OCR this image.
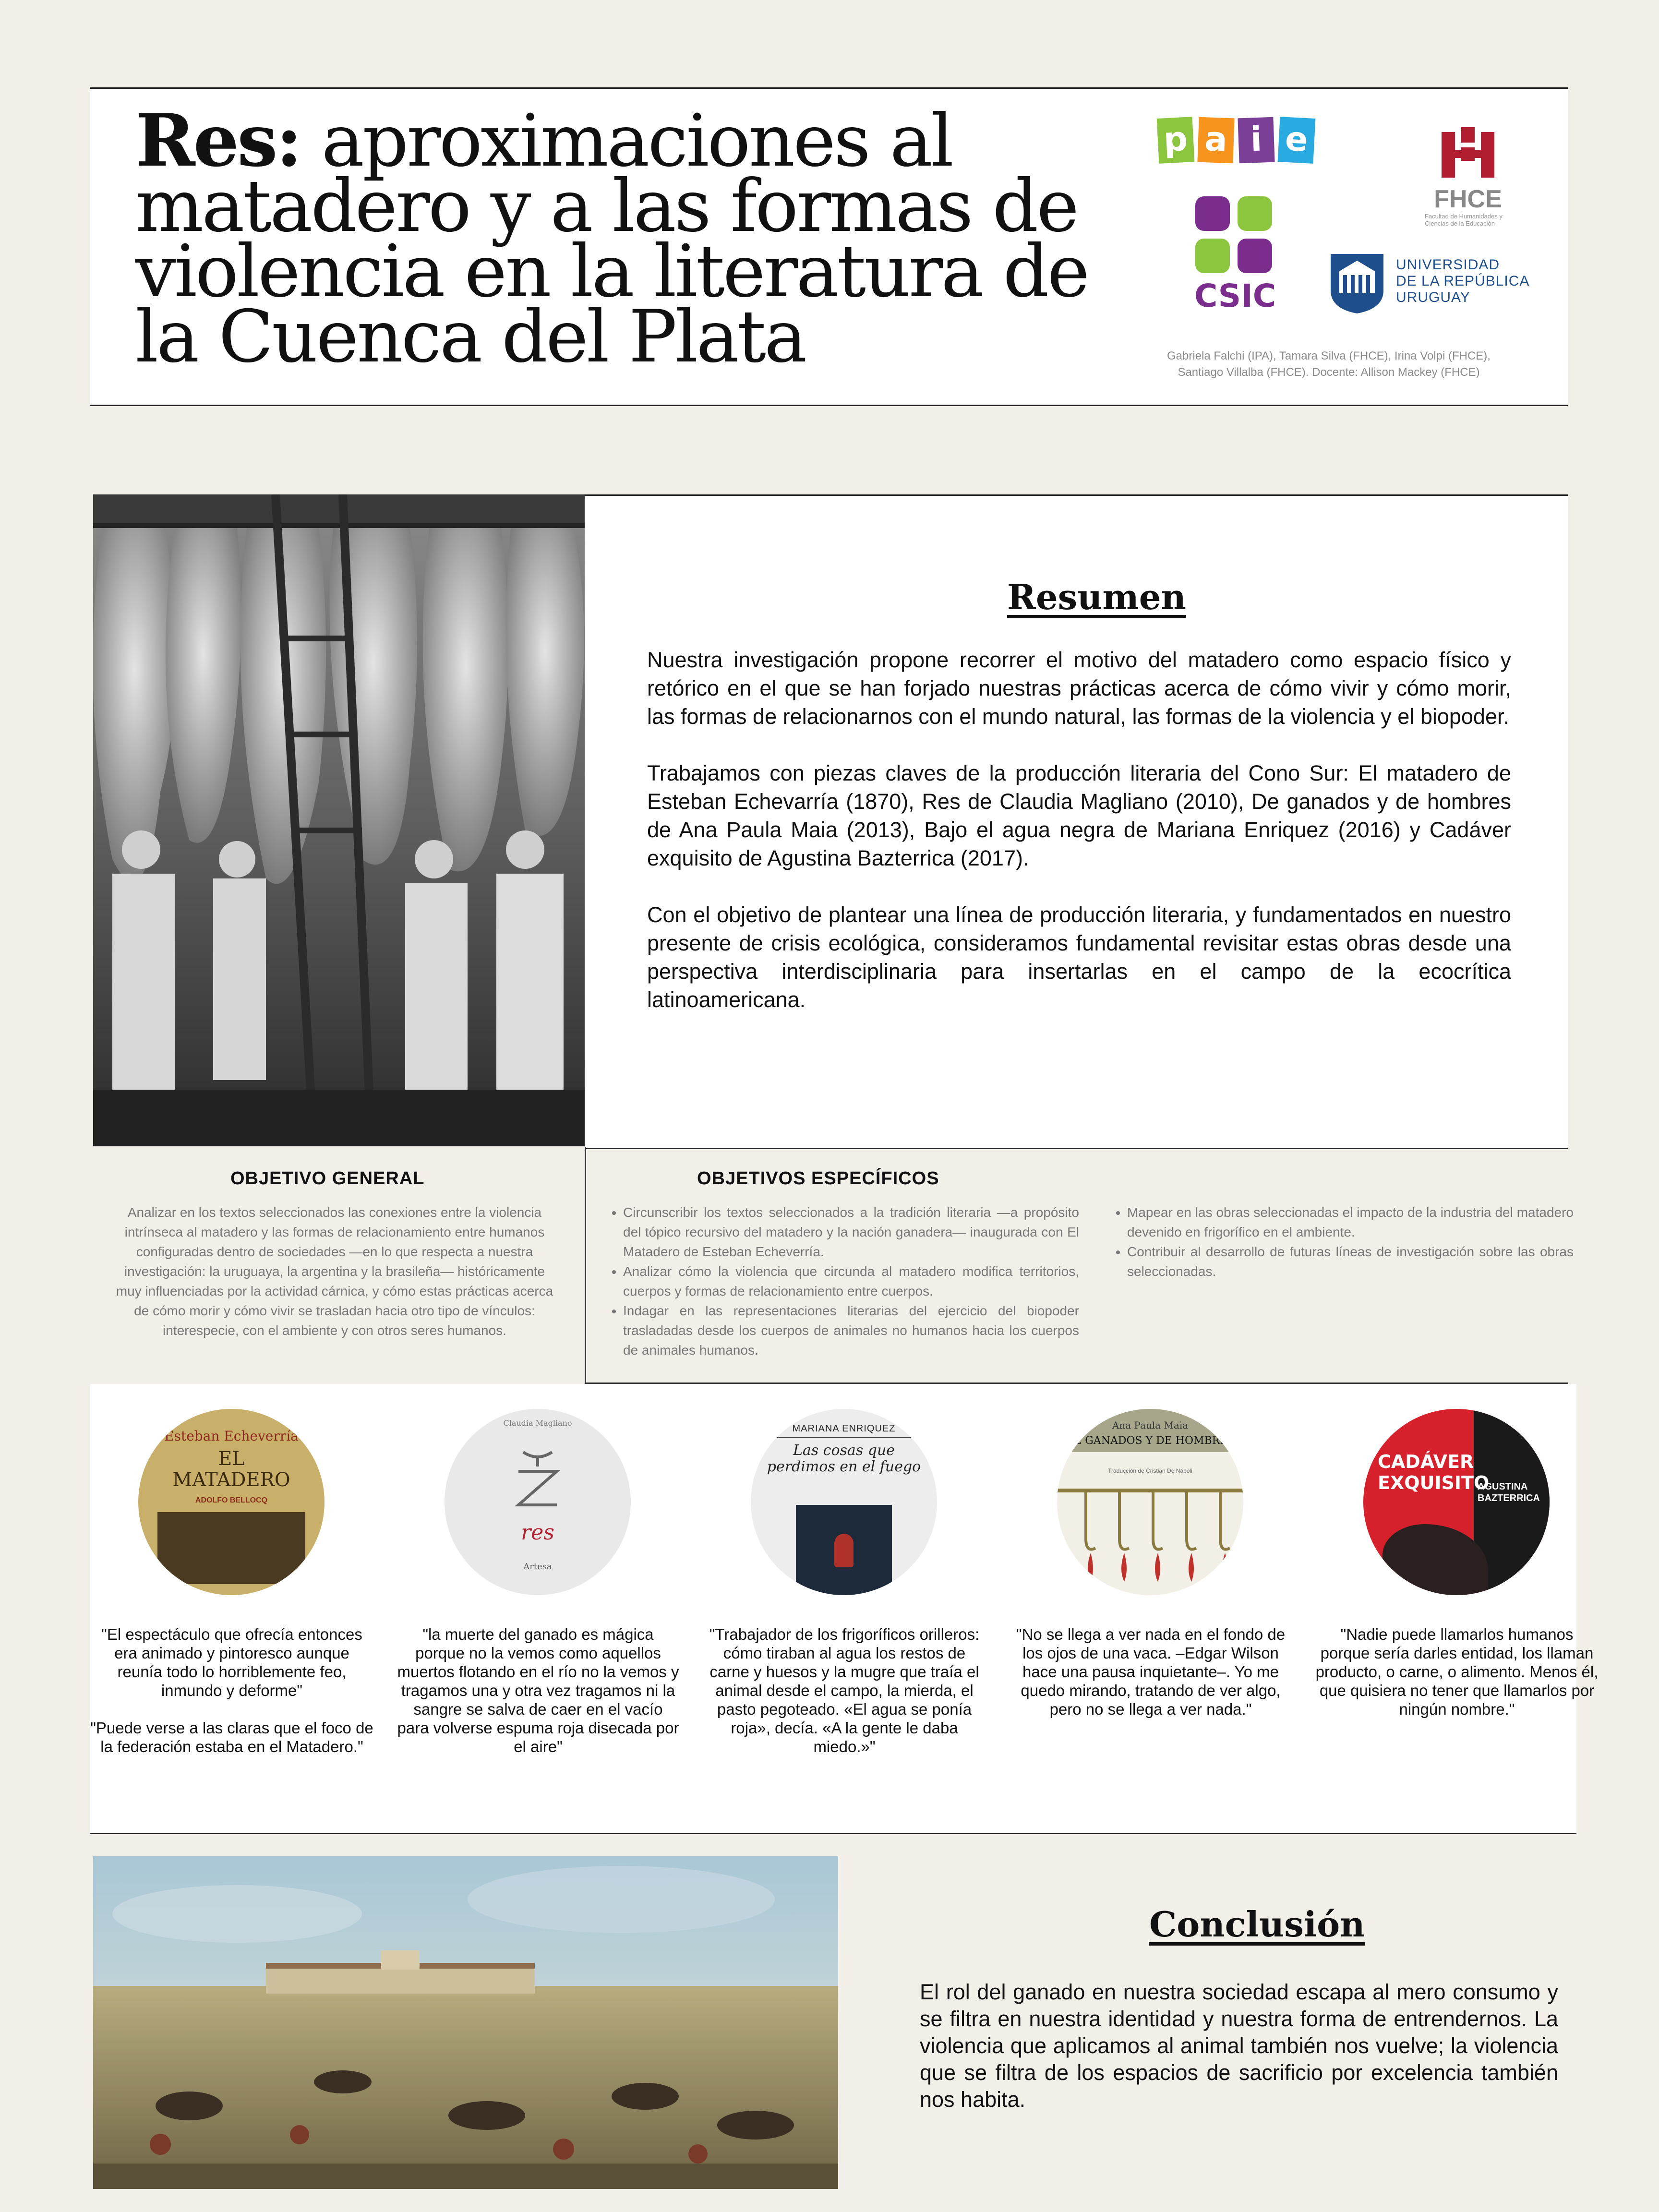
Res: aproximaciones al matadero y a las formas de violencia en la literatura de la Cuenca del Plata
p a i e
CSIC
FHCE
Facultad de Humanidades y Ciencias de la Educación
UNIVERSIDAD
DE LA REPÚBLICA
URUGUAY
Gabriela Falchi (IPA), Tamara Silva (FHCE), Irina Volpi (FHCE), Santiago Villalba (FHCE). Docente: Allison Mackey (FHCE)
Resumen

Nuestra investigación propone recorrer el motivo del matadero como espacio físico y retórico en el que se han forjado nuestras prácticas acerca de cómo vivir y cómo morir, las formas de relacionarnos con el mundo natural, las formas de la violencia y el biopoder.

Trabajamos con piezas claves de la producción literaria del Cono Sur: El matadero de Esteban Echevarría (1870), Res de Claudia Magliano (2010), De ganados y de hombres de Ana Paula Maia (2013), Bajo el agua negra de Mariana Enriquez (2016) y Cadáver exquisito de Agustina Bazterrica (2017).

Con el objetivo de plantear una línea de producción literaria, y fundamentados en nuestro presente de crisis ecológica, consideramos fundamental revisitar estas obras desde una perspectiva interdisciplinaria para insertarlas en el campo de la ecocrítica latinoamericana.

OBJETIVO GENERAL
Analizar en los textos seleccionados las conexiones entre la violencia intrínseca al matadero y las formas de relacionamiento entre humanos configuradas dentro de sociedades —en lo que respecta a nuestra investigación: la uruguaya, la argentina y la brasileña— históricamente muy influenciadas por la actividad cárnica, y cómo estas prácticas acerca de cómo morir y cómo vivir se trasladan hacia otro tipo de vínculos: interespecie, con el ambiente y con otros seres humanos.
OBJETIVOS ESPECÍFICOS
• Circunscribir los textos seleccionados a la tradición literaria —a propósito del tópico recursivo del matadero y la nación ganadera— inaugurada con El Matadero de Esteban Echeverría.
• Analizar cómo la violencia que circunda al matadero modifica territorios, cuerpos y formas de relacionamiento entre cuerpos.
• Indagar en las representaciones literarias del ejercicio del biopoder trasladadas desde los cuerpos de animales no humanos hacia los cuerpos de animales humanos.
• Mapear en las obras seleccionadas el impacto de la industria del matadero devenido en frigorífico en el ambiente.
• Contribuir al desarrollo de futuras líneas de investigación sobre las obras seleccionadas.
Esteban Echeverría
EL
MATADERO
ADOLFO BELLOCQ

"El espectáculo que ofrecía entonces era animado y pintoresco aunque reunía todo lo horriblemente feo, inmundo y deforme"

"Puede verse a las claras que el foco de la federación estaba en el Matadero."

Claudia Magliano
res
Artesa

"la muerte del ganado es mágica porque no la vemos como aquellos muertos flotando en el río no la vemos y tragamos una y otra vez tragamos ni la sangre se salva de caer en el vacío para volverse espuma roja disecada por el aire"

MARIANA ENRIQUEZ
Las cosas que
perdimos en el fuego

"Trabajador de los frigoríficos orilleros: cómo tiraban al agua los restos de carne y huesos y la mugre que traía el animal desde el campo, la mierda, el pasto pegoteado. «El agua se ponía roja», decía. «A la gente le daba miedo.»"

Ana Paula Maia
DE GANADOS Y DE HOMBRES
Traducción de Cristian De Nápoli

"No se llega a ver nada en el fondo de los ojos de una vaca. –Edgar Wilson hace una pausa inquietante–. Yo me quedo mirando, tratando de ver algo, pero no se llega a ver nada."

CADÁVER
EXQUISITO
AGUSTINA BAZTERRICA

"Nadie puede llamarlos humanos porque sería darles entidad, los llaman producto, o carne, o alimento. Menos él, que quisiera no tener que llamarlos por ningún nombre."

Conclusión
El rol del ganado en nuestra sociedad escapa al mero consumo y se filtra en nuestra identidad y nuestra forma de entrendernos. La violencia que aplicamos al animal también nos vuelve; la violencia que se filtra de los espacios de sacrificio por excelencia también nos habita.
